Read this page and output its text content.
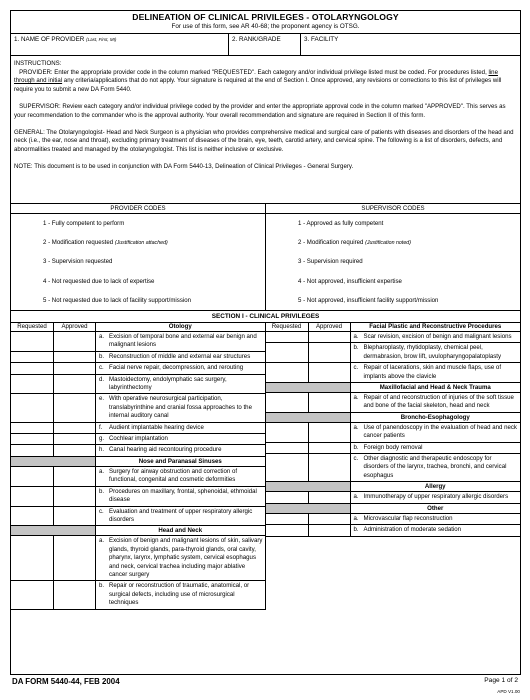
DELINEATION OF CLINICAL PRIVILEGES - OTOLARYNGOLOGY
For use of this form, see AR 40-68; the proponent agency is OTSG.
1. NAME OF PROVIDER (Last, First, MI)	2. RANK/GRADE	3. FACILITY
INSTRUCTIONS:

PROVIDER: Enter the appropriate provider code in the column marked "REQUESTED". Each category and/or individual privilege listed must be coded. For procedures listed, line through and initial any criteria/applications that do not apply. Your signature is required at the end of Section I. Once approved, any revisions or corrections to this list of privileges will require you to submit a new DA Form 5440.

SUPERVISOR: Review each category and/or individual privilege coded by the provider and enter the appropriate approval code in the column marked "APPROVED". This serves as your recommendation to the commander who is the approval authority. Your overall recommendation and signature are required in Section II of this form.

GENERAL: The Otolaryngologist- Head and Neck Surgeon is a physician who provides comprehensive medical and surgical care of patients with diseases and disorders of the head and neck (i.e., the ear, nose and throat), excluding primary treatment of diseases of the brain, eye, teeth, carotid artery, and cervical spine. The following is a list of disorders, defects, and abnormalities treated and managed by the otolaryngologist. This list is neither inclusive or exclusive.

NOTE: This document is to be used in conjunction with DA Form 5440-13, Delineation of Clinical Privileges - General Surgery.

PROVIDER CODES
1 - Fully competent to perform
2 - Modification requested (Justification attached)
3 - Supervision requested
4 - Not requested due to lack of expertise
5 - Not requested due to lack of facility support/mission
SUPERVISOR CODES
1 - Approved as fully competent
2 - Modification required (Justification noted)
3 - Supervision required
4 - Not approved, insufficient expertise
5 - Not approved, insufficient facility support/mission
SECTION I - CLINICAL PRIVILEGES
Requested	Approved	Otology
a. Excision of temporal bone and external ear benign and malignant lesions
b. Reconstruction of middle and external ear structures
c. Facial nerve repair, decompression, and rerouting
d. Mastoidectomy, endolymphatic sac surgery, labyrinthectomy
e. With operative neurosurgical participation, translabyrinthine and cranial fossa approaches to the internal auditory canal
f.	Audient implantable hearing device
g. Cochlear implantation
h. Canal hearing aid recontouring procedure
Nose and Paranasal Sinuses
a. Surgery for airway obstruction and correction of functional, congenital and cosmetic deformities
b. Procedures on maxillary, frontal, sphenoidal, ethmoidal disease
c. Evaluation and treatment of upper respiratory allergic disorders
Head and Neck
a. Excision of benign and malignant lesions of skin, salivary glands, thyroid glands, para-thyroid glands, oral cavity, pharynx, larynx, lymphatic system, cervical esophagus and neck, cervical trachea including major ablative cancer surgery
b. Repair or reconstruction of traumatic, anatomical, or surgical defects, including use of microsurgical techniques
Requested	Approved	Facial Plastic and Reconstructive Procedures
a. Scar revision, excision of benign and malignant lesions
b. Blepharoplasty, rhytidoplasty, chemical peel, dermabrasion, brow lift, uvulopharyngopalatoplasty
c. Repair of lacerations, skin and muscle flaps, use of implants above the clavicle
Maxillofacial and Head & Neck Trauma
a. Repair of and reconstruction of injuries of the soft tissue and bone of the facial skeleton, head and neck
Broncho-Esophagology
a. Use of panendoscopy in the evaluation of head and neck cancer patients
b. Foreign body removal
c. Other diagnostic and therapeutic endoscopy for disorders of the larynx, trachea, bronchi, and cervical esophagus
Allergy
a. Immunotherapy of upper respiratory allergic disorders
Other
a. Microvascular flap reconstruction
b. Administration of moderate sedation
DA FORM 5440-44, FEB 2004	Page 1 of 2
APD V1.00
